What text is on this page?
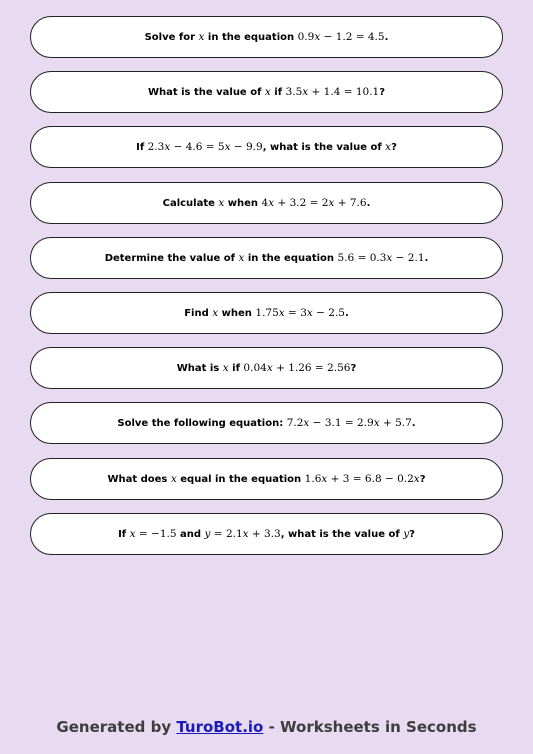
Solve for x in the equation 0.9x − 1.2 = 4.5.
What is the value of x if 3.5x + 1.4 = 10.1?
If 2.3x − 4.6 = 5x − 9.9, what is the value of x?
Calculate x when 4x + 3.2 = 2x + 7.6.
Determine the value of x in the equation 5.6 = 0.3x − 2.1.
Find x when 1.75x = 3x − 2.5.
What is x if 0.04x + 1.26 = 2.56?
Solve the following equation: 7.2x − 3.1 = 2.9x + 5.7.
What does x equal in the equation 1.6x + 3 = 6.8 − 0.2x?
If x = −1.5 and y = 2.1x + 3.3, what is the value of y?
Generated by TuroBot.io - Worksheets in Seconds
